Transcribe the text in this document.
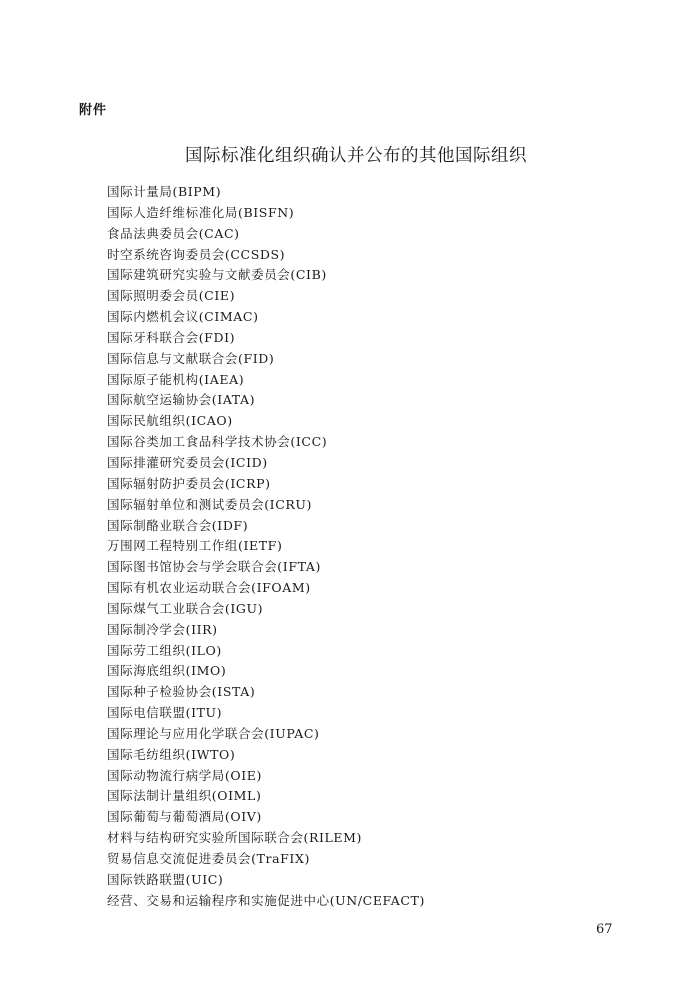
附件
国际标准化组织确认并公布的其他国际组织
国际计量局(BIPM)
国际人造纤维标准化局(BISFN)
食品法典委员会(CAC)
时空系统咨询委员会(CCSDS)
国际建筑研究实验与文献委员会(CIB)
国际照明委会员(CIE)
国际内燃机会议(CIMAC)
国际牙科联合会(FDI)
国际信息与文献联合会(FID)
国际原子能机构(IAEA)
国际航空运输协会(IATA)
国际民航组织(ICAO)
国际谷类加工食品科学技术协会(ICC)
国际排灌研究委员会(ICID)
国际辐射防护委员会(ICRP)
国际辐射单位和测试委员会(ICRU)
国际制酪业联合会(IDF)
万围网工程特别工作组(IETF)
国际图书馆协会与学会联合会(IFTA)
国际有机农业运动联合会(IFOAM)
国际煤气工业联合会(IGU)
国际制冷学会(IIR)
国际劳工组织(ILO)
国际海底组织(IMO)
国际种子检验协会(ISTA)
国际电信联盟(ITU)
国际理论与应用化学联合会(IUPAC)
国际毛纺组织(IWTO)
国际动物流行病学局(OIE)
国际法制计量组织(OIML)
国际葡萄与葡萄酒局(OIV)
材料与结构研究实验所国际联合会(RILEM)
贸易信息交流促进委员会(TraFIX)
国际铁路联盟(UIC)
经营、交易和运输程序和实施促进中心(UN/CEFACT)
67
